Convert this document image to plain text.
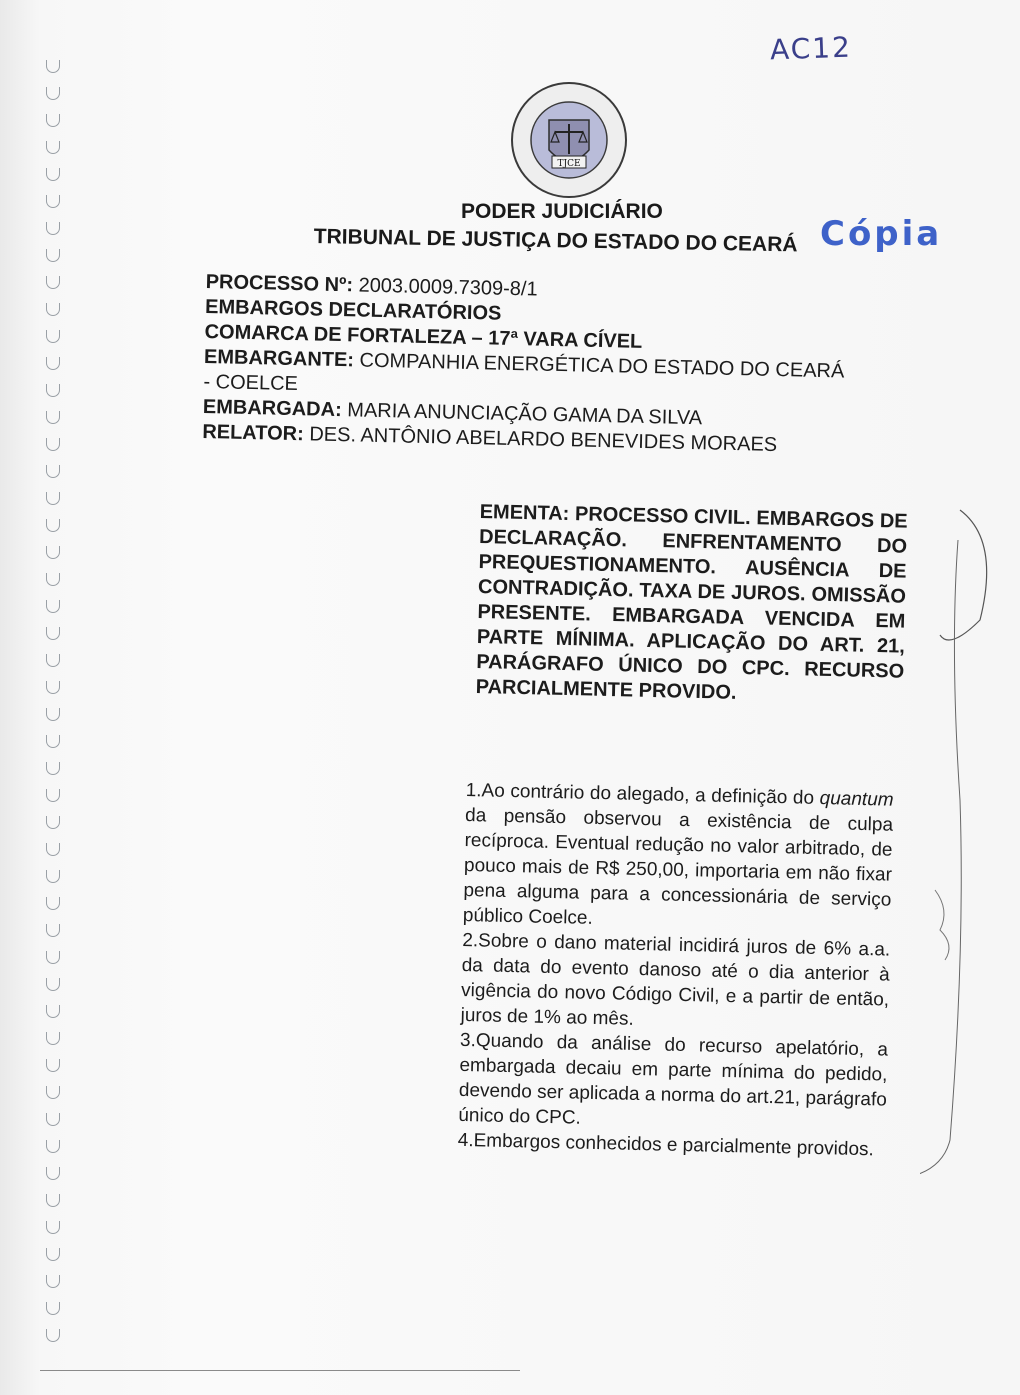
AC12
TJCE
PODER JUDICIÁRIO
TRIBUNAL DE JUSTIÇA DO ESTADO DO CEARÁ Cópia
PROCESSO Nº: 2003.0009.7309-8/1
EMBARGOS DECLARATÓRIOS
COMARCA DE FORTALEZA – 17ª VARA CÍVEL
EMBARGANTE: COMPANHIA ENERGÉTICA DO ESTADO DO CEARÁ
- COELCE
EMBARGADA: MARIA ANUNCIAÇÃO GAMA DA SILVA
RELATOR: DES. ANTÔNIO ABELARDO BENEVIDES MORAES
EMENTA: PROCESSO CIVIL. EMBARGOS DE DECLARAÇÃO. ENFRENTAMENTO DO PREQUESTIONAMENTO. AUSÊNCIA DE CONTRADIÇÃO. TAXA DE JUROS. OMISSÃO PRESENTE. EMBARGADA VENCIDA EM PARTE MÍNIMA. APLICAÇÃO DO ART. 21, PARÁGRAFO ÚNICO DO CPC. RECURSO PARCIALMENTE PROVIDO.

1.Ao contrário do alegado, a definição do quantum da pensão observou a existência de culpa recíproca. Eventual redução no valor arbitrado, de pouco mais de R$ 250,00, importaria em não fixar pena alguma para a concessionária de serviço público Coelce.

2.Sobre o dano material incidirá juros de 6% a.a. da data do evento danoso até o dia anterior à vigência do novo Código Civil, e a partir de então, juros de 1% ao mês.

3.Quando da análise do recurso apelatório, a embargada decaiu em parte mínima do pedido, devendo ser aplicada a norma do art.21, parágrafo único do CPC.

4.Embargos conhecidos e parcialmente providos.
